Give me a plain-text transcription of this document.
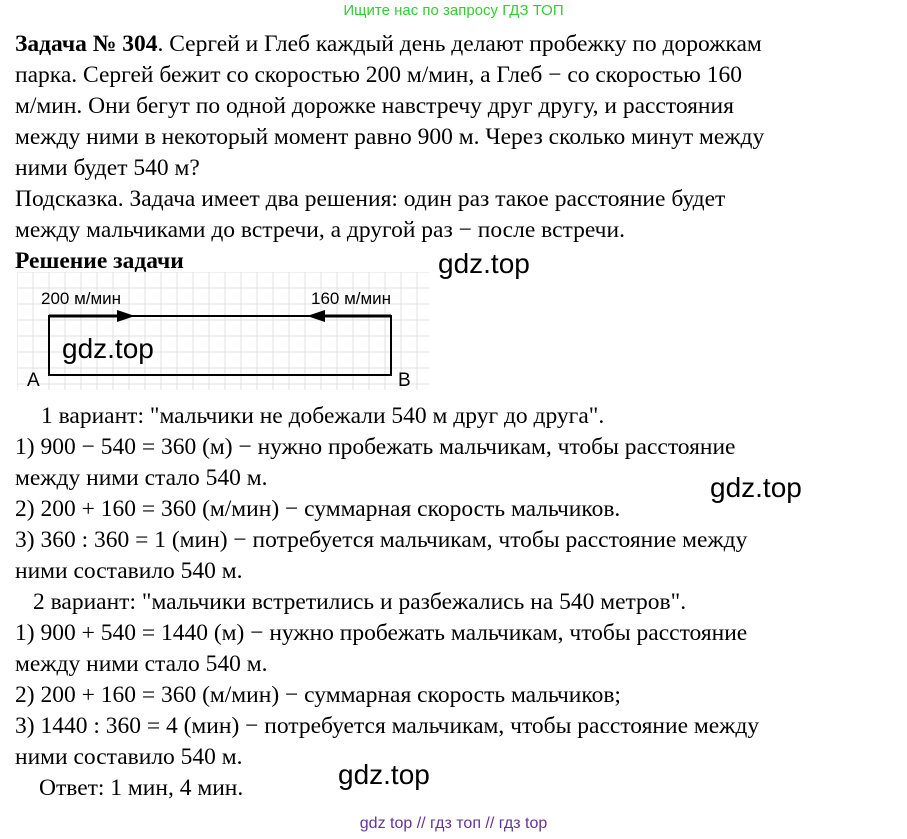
Ищите нас по запросу ГДЗ ТОП

Задача № 304. Сергей и Глеб каждый день делают пробежку по дорожкам

парка. Сергей бежит со скоростью 200 м/мин, а Глеб − со скоростью 160

м/мин. Они бегут по одной дорожке навстречу друг другу, и расстояния

между ними в некоторый момент равно 900 м. Через сколько минут между

ними будет 540 м?

Подсказка. Задача имеет два решения: один раз такое расстояние будет

между мальчиками до встречи, а другой раз − после встречи.

Решение задачи

1 вариант: "мальчики не добежали 540 м друг до друга".

1) 900 − 540 = 360 (м) − нужно пробежать мальчикам, чтобы расстояние

между ними стало 540 м.

2) 200 + 160 = 360 (м/мин) − суммарная скорость мальчиков.

3) 360 : 360 = 1 (мин) − потребуется мальчикам, чтобы расстояние между

ними составило 540 м.

2 вариант: "мальчики встретились и разбежались на 540 метров".

1) 900 + 540 = 1440 (м) − нужно пробежать мальчикам, чтобы расстояние

между ними стало 540 м.

2) 200 + 160 = 360 (м/мин) − суммарная скорость мальчиков;

3) 1440 : 360 = 4 (мин) − потребуется мальчикам, чтобы расстояние между

ними составило 540 м.

Ответ: 1 мин, 4 мин.

200 м/мин	160 м/мин
A	B
gdz.top
gdz.top
gdz.top
gdz.top
gdz top // гдз топ // гдз top
